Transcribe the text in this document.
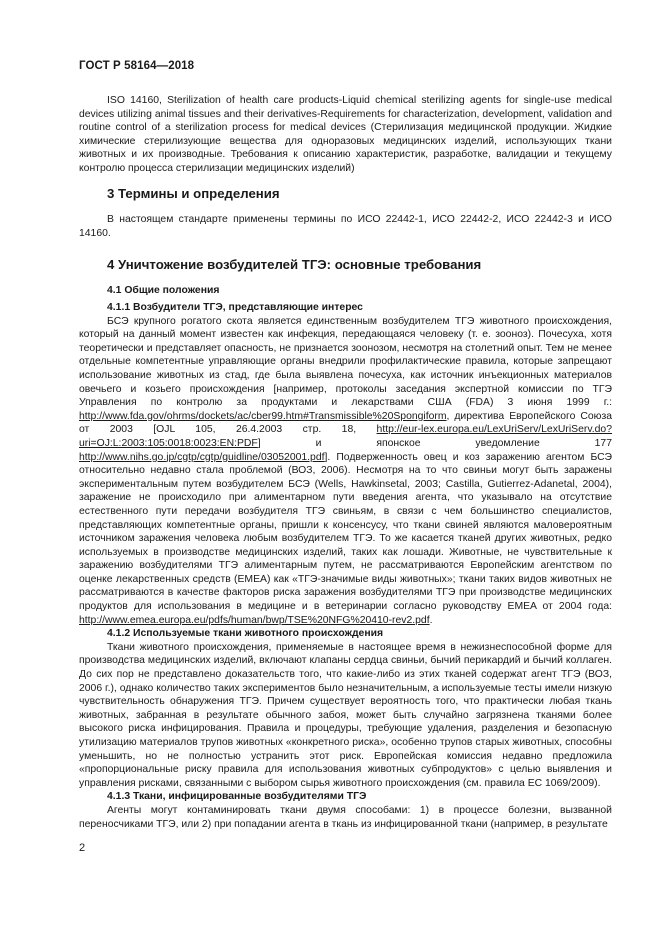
ГОСТ Р 58164—2018

ISO 14160, Sterilization of health care products-Liquid chemical sterilizing agents for single-use medical devices utilizing animal tissues and their derivatives-Requirements for characterization, development, validation and routine control of a sterilization process for medical devices (Стерилизация медицинской продукции. Жидкие химические стерилизующие вещества для одноразовых медицинских изделий, использующих ткани животных и их производные. Требования к описанию характеристик, разработке, валидации и текущему контролю процесса стерилизации медицинских изделий)

3 Термины и определения

В настоящем стандарте применены термины по ИСО 22442-1, ИСО 22442-2, ИСО 22442-3 и ИСО 14160.

4 Уничтожение возбудителей ТГЭ: основные требования

4.1 Общие положения

4.1.1 Возбудители ТГЭ, представляющие интерес

БСЭ крупного рогатого скота является единственным возбудителем ТГЭ животного происхождения, который на данный момент известен как инфекция, передающаяся человеку (т. е. зооноз). Почесуха, хотя теоретически и представляет опасность, не признается зоонозом, несмотря на столетний опыт. Тем не менее отдельные компетентные управляющие органы внедрили профилактические правила, которые запрещают использование животных из стад, где была выявлена почесуха, как источник инъекционных материалов овечьего и козьего происхождения [например, протоколы заседания экспертной комиссии по ТГЭ Управления по контролю за продуктами и лекарствами США (FDA) 3 июня 1999 г.: http://www.fda.gov/ohrms/dockets/ac/cber99.htm#Transmissible%20Spongiform, директива Европейского Союза от 2003 [OJL 105, 26.4.2003 стр. 18, http://eur-lex.europa.eu/LexUriServ/LexUriServ.do?uri=OJ:L:2003:105:0018:0023:EN:PDF] и японское уведомление 177 http://www.nihs.go.jp/cgtp/cgtp/guidline/03052001.pdf]. Подверженность овец и коз заражению агентом БСЭ относительно недавно стала проблемой (ВОЗ, 2006). Несмотря на то что свиньи могут быть заражены экспериментальным путем возбудителем БСЭ (Wells, Hawkinsetal, 2003; Castilla, Gutierrez-Adanetal, 2004), заражение не происходило при алиментарном пути введения агента, что указывало на отсутствие естественного пути передачи возбудителя ТГЭ свиньям, в связи с чем большинство специалистов, представляющих компетентные органы, пришли к консенсусу, что ткани свиней являются маловероятным источником заражения человека любым возбудителем ТГЭ. То же касается тканей других животных, редко используемых в производстве медицинских изделий, таких как лошади. Животные, не чувствительные к заражению возбудителями ТГЭ алиментарным путем, не рассматриваются Европейским агентством по оценке лекарственных средств (EMEA) как «ТГЭ-значимые виды животных»; ткани таких видов животных не рассматриваются в качестве факторов риска заражения возбудителями ТГЭ при производстве медицинских продуктов для использования в медицине и в ветеринарии согласно руководству EMEA от 2004 года: http://www.emea.europa.eu/pdfs/human/bwp/TSE%20NFG%20410-rev2.pdf.

4.1.2 Используемые ткани животного происхождения

Ткани животного происхождения, применяемые в настоящее время в нежизнеспособной форме для производства медицинских изделий, включают клапаны сердца свиньи, бычий перикардий и бычий коллаген. До сих пор не представлено доказательств того, что какие-либо из этих тканей содержат агент ТГЭ (ВОЗ, 2006 г.), однако количество таких экспериментов было незначительным, а используемые тесты имели низкую чувствительность обнаружения ТГЭ. Причем существует вероятность того, что практически любая ткань животных, забранная в результате обычного забоя, может быть случайно загрязнена тканями более высокого риска инфицирования. Правила и процедуры, требующие удаления, разделения и безопасную утилизацию материалов трупов животных «конкретного риска», особенно трупов старых животных, способны уменьшить, но не полностью устранить этот риск. Европейская комиссия недавно предложила «пропорциональные риску правила для использования животных субпродуктов» с целью выявления и управления рисками, связанными с выбором сырья животного происхождения (см. правила ЕС 1069/2009).

4.1.3 Ткани, инфицированные возбудителями ТГЭ

Агенты могут контаминировать ткани двумя способами: 1) в процессе болезни, вызванной переносчиками ТГЭ, или 2) при попадании агента в ткань из инфицированной ткани (например, в результате

2
